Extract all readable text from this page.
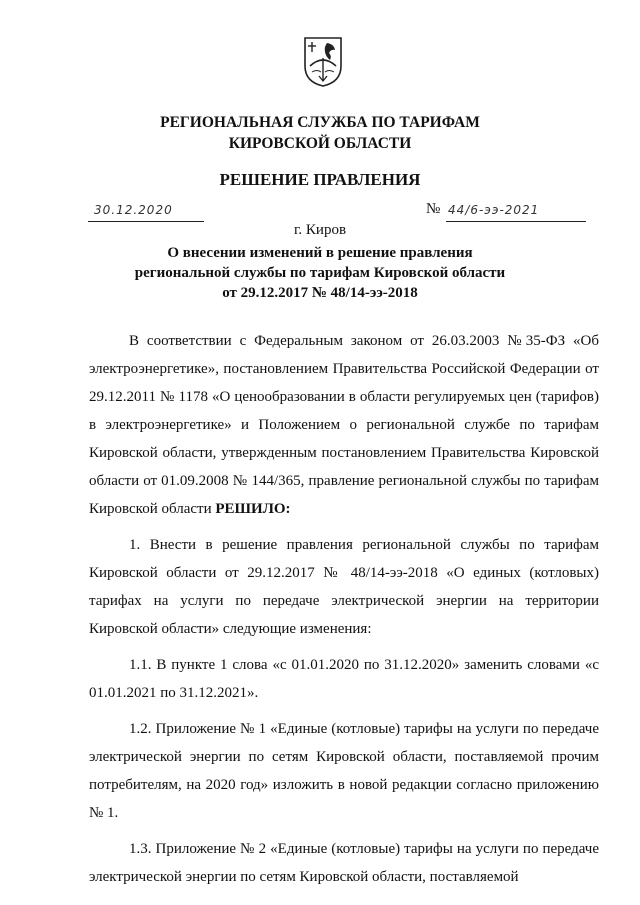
РЕГИОНАЛЬНАЯ СЛУЖБА ПО ТАРИФАМ
КИРОВСКОЙ ОБЛАСТИ
РЕШЕНИЕ ПРАВЛЕНИЯ
30.12.2020	№ 44/6-ээ-2021
г. Киров
О внесении изменений в решение правления
региональной службы по тарифам Кировской области
от 29.12.2017 № 48/14-ээ-2018

В соответствии с Федеральным законом от 26.03.2003 №35-ФЗ «Об электроэнергетике», постановлением Правительства Российской Федерации от 29.12.2011 № 1178 «О ценообразовании в области регулируемых цен (тарифов) в электроэнергетике» и Положением о региональной службе по тарифам Кировской области, утвержденным постановлением Правительства Кировской области от 01.09.2008 № 144/365, правление региональной службы по тарифам Кировской области РЕШИЛО:

1. Внести в решение правления региональной службы по тарифам Кировской области от 29.12.2017 № 48/14-ээ-2018 «О единых (котловых) тарифах на услуги по передаче электрической энергии на территории Кировской области» следующие изменения:

1.1. В пункте 1 слова «с 01.01.2020 по 31.12.2020» заменить словами «с 01.01.2021 по 31.12.2021».

1.2. Приложение № 1 «Единые (котловые) тарифы на услуги по передаче электрической энергии по сетям Кировской области, поставляемой прочим потребителям, на 2020 год» изложить в новой редакции согласно приложению № 1.

1.3. Приложение № 2 «Единые (котловые) тарифы на услуги по передаче электрической энергии по сетям Кировской области, поставляемой
